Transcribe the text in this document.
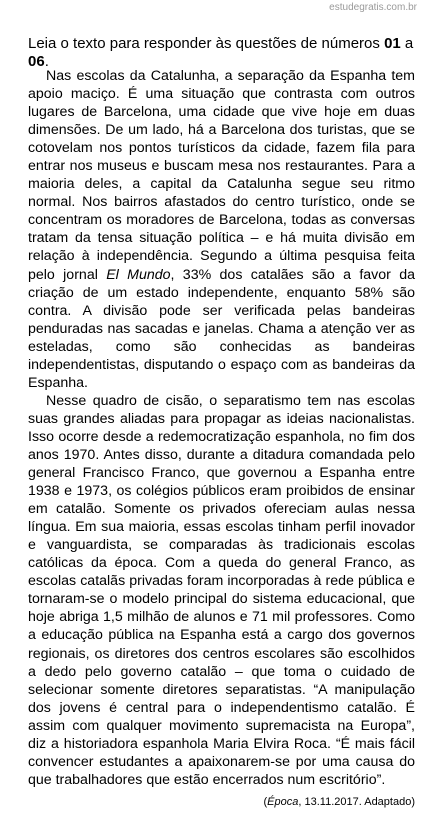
estudegratis.com.br
Leia o texto para responder às questões de números 01 a 06.

Nas escolas da Catalunha, a separação da Espanha tem apoio maciço. É uma situação que contrasta com outros lugares de Barcelona, uma cidade que vive hoje em duas dimensões. De um lado, há a Barcelona dos turistas, que se cotovelam nos pontos turísticos da cidade, fazem fila para entrar nos museus e buscam mesa nos restaurantes. Para a maioria deles, a capital da Catalunha segue seu ritmo normal. Nos bairros afastados do centro turístico, onde se concentram os moradores de Barcelona, todas as conversas tratam da tensa situação política – e há muita divisão em relação à independência. Segundo a última pesquisa feita pelo jornal El Mundo, 33% dos catalães são a favor da criação de um estado independente, enquanto 58% são contra. A divisão pode ser verificada pelas bandeiras penduradas nas sacadas e janelas. Chama a atenção ver as esteladas, como são conhecidas as bandeiras independentistas, disputando o espaço com as bandeiras da Espanha.

Nesse quadro de cisão, o separatismo tem nas escolas suas grandes aliadas para propagar as ideias nacionalistas. Isso ocorre desde a redemocratização espanhola, no fim dos anos 1970. Antes disso, durante a ditadura comandada pelo general Francisco Franco, que governou a Espanha entre 1938 e 1973, os colégios públicos eram proibidos de ensinar em catalão. Somente os privados ofereciam aulas nessa língua. Em sua maioria, essas escolas tinham perfil inovador e vanguardista, se comparadas às tradicionais escolas católicas da época. Com a queda do general Franco, as escolas catalãs privadas foram incorporadas à rede pública e tornaram-se o modelo principal do sistema educacional, que hoje abriga 1,5 milhão de alunos e 71 mil professores. Como a educação pública na Espanha está a cargo dos governos regionais, os diretores dos centros escolares são escolhidos a dedo pelo governo catalão – que toma o cuidado de selecionar somente diretores separatistas. “A manipulação dos jovens é central para o independentismo catalão. É assim com qualquer movimento supremacista na Europa”, diz a historiadora espanhola Maria Elvira Roca. “É mais fácil convencer estudantes a apaixonarem-se por uma causa do que trabalhadores que estão encerrados num escritório”.

(Época, 13.11.2017. Adaptado)
